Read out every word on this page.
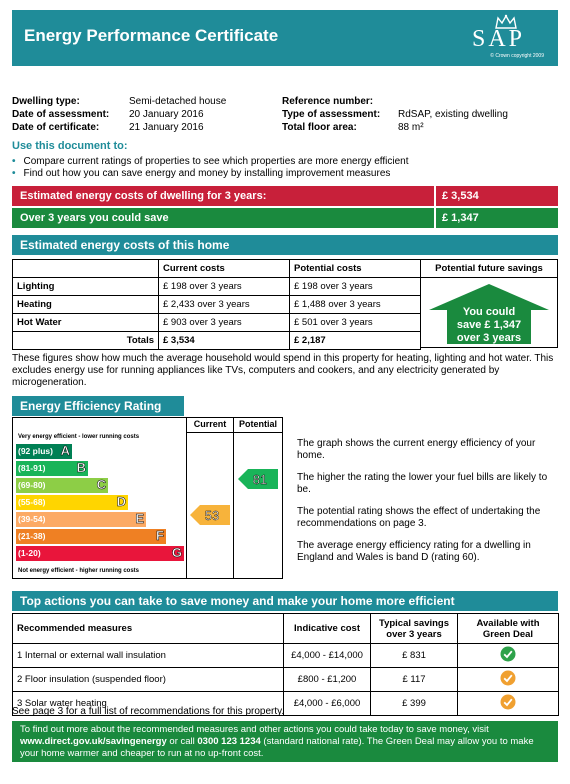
Energy Performance Certificate	SAP
© Crown copyright 2009
Dwelling type:	Semi-detached house
Date of assessment: 20 January 2016
Date of certificate:	21 January 2016
Reference number:
Type of assessment: RdSAP, existing dwelling
Total floor area:	88 m²
Use this document to:
• Compare current ratings of properties to see which properties are more energy efficient
• Find out how you can save energy and money by installing improvement measures
Estimated energy costs of dwelling for 3 years:	£ 3,534
Over 3 years you could save	£ 1,347
Estimated energy costs of this home
	Current costs	Potential costs
Lighting	£ 198 over 3 years	£ 198 over 3 years
Heating	£ 2,433 over 3 years	£ 1,488 over 3 years
Hot Water	£ 903 over 3 years	£ 501 over 3 years
Totals	£ 3,534	£ 2,187
Potential future savings
You could
save £ 1,347
over 3 years
These figures show how much the average household would spend in this property for heating, lighting and hot water. This excludes energy use for running appliances like TVs, computers and cookers, and any electricity generated by microgeneration.
Energy Efficiency Rating
Current	Potential
Very energy efficient - lower running costs
(92 plus) A
(81-91) B
(69-80)	C
(55-68)	D
(39-54)	E
(21-38)	F
(1-20)	G
Not energy efficient - higher running costs
53
81
The graph shows the current energy efficiency of your home.
The higher the rating the lower your fuel bills are likely to be.
The potential rating shows the effect of undertaking the recommendations on page 3.
The average energy efficiency rating for a dwelling in England and Wales is band D (rating 60).
Top actions you can take to save money and make your home more efficient
Recommended measures	Indicative cost	Typical savings over 3 years	Available with Green Deal
1 Internal or external wall insulation	£4,000 - £14,000	£ 831	
2 Floor insulation (suspended floor)	£800 - £1,200	£ 117	
3 Solar water heating	£4,000 - £6,000	£ 399	
See page 3 for a full list of recommendations for this property.
To find out more about the recommended measures and other actions you could take today to save money, visit
www.direct.gov.uk/savingenergy or call 0300 123 1234 (standard national rate). The Green Deal may allow you to make your home warmer and cheaper to run at no up-front cost.
